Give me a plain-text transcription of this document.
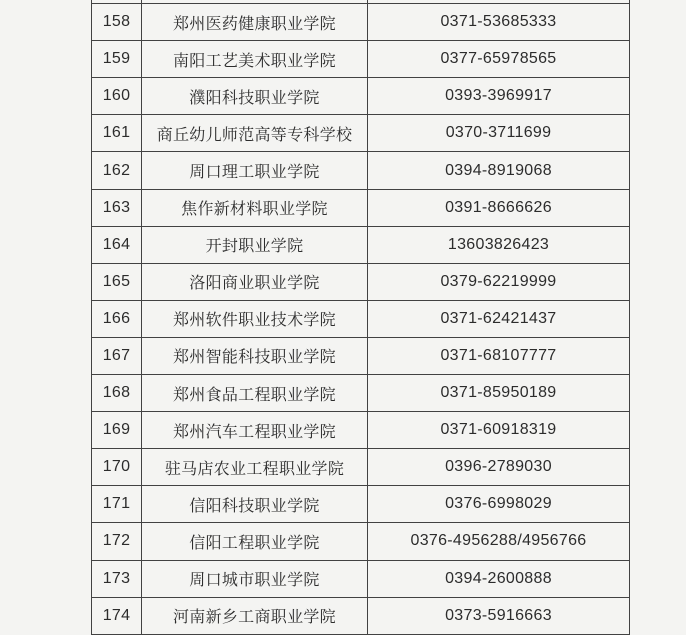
158	郑州医药健康职业学院	0371-53685333
159	南阳工艺美术职业学院	0377-65978565
160	濮阳科技职业学院	0393-3969917
161	商丘幼儿师范高等专科学校	0370-3711699
162	周口理工职业学院	0394-8919068
163	焦作新材料职业学院	0391-8666626
164	开封职业学院	13603826423
165	洛阳商业职业学院	0379-62219999
166	郑州软件职业技术学院	0371-62421437
167	郑州智能科技职业学院	0371-68107777
168	郑州食品工程职业学院	0371-85950189
169	郑州汽车工程职业学院	0371-60918319
170	驻马店农业工程职业学院	0396-2789030
171	信阳科技职业学院	0376-6998029
172	信阳工程职业学院	0376-4956288/4956766
173	周口城市职业学院	0394-2600888
174	河南新乡工商职业学院	0373-5916663
